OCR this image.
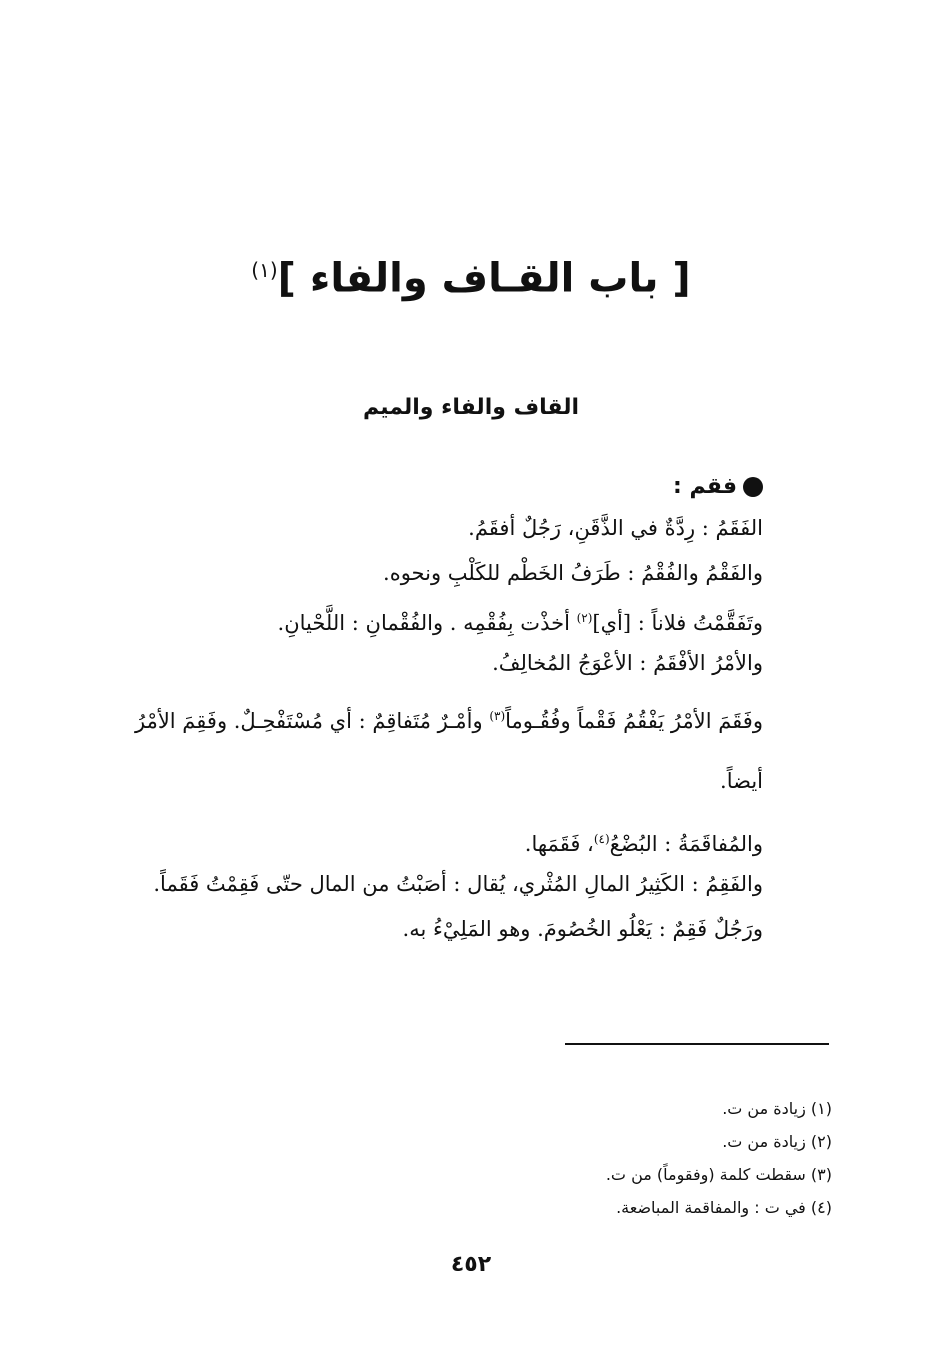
[ باب القـاف والفاء ]$^{(١)}$
القاف والفاء والميم
فقم :
الفَقَمُ : رِدَّةٌ في الذَّقَنِ، رَجُلٌ أفقَمُ.
والفَقْمُ والفُقْمُ : طَرَفُ الخَطْم للكَلْبِ ونحوه.
وتَفَقَّمْتُ فلاناً : [أي]$^{(٢)}$ أخذْت بِفُقْمِه . والفُقْمانِ : اللَّحْيانِ.
والأمْرُ الأفْقَمُ : الأعْوَجُ المُخالِفُ.
وفَقَمَ الأمْرُ يَفْقُمُ فَقْماً وفُقُـوماً$^{(٣)}$ وأمْـرٌ مُتَفاقِمٌ : أي مُسْتَفْحِـلٌ. وفَقِمَ الأمْرُ أيضاً.
والمُفاقَمَةُ : البُضْعُ$^{(٤)}$، فَقَمَها.
والفَقِمُ : الكَثِيرُ المالِ المُثْري، يُقال : أصَبْتُ من المال حتّى فَقِمْتُ فَقَماً.
ورَجُلٌ فَقِمٌ : يَعْلُو الخُصُومَ. وهو المَلِيْءُ به.
(١) زيادة من ت.
(٢) زيادة من ت.
(٣) سقطت كلمة (وفقوماً) من ت.
(٤) في ت : والمفاقمة المباضعة.
٤٥٢
